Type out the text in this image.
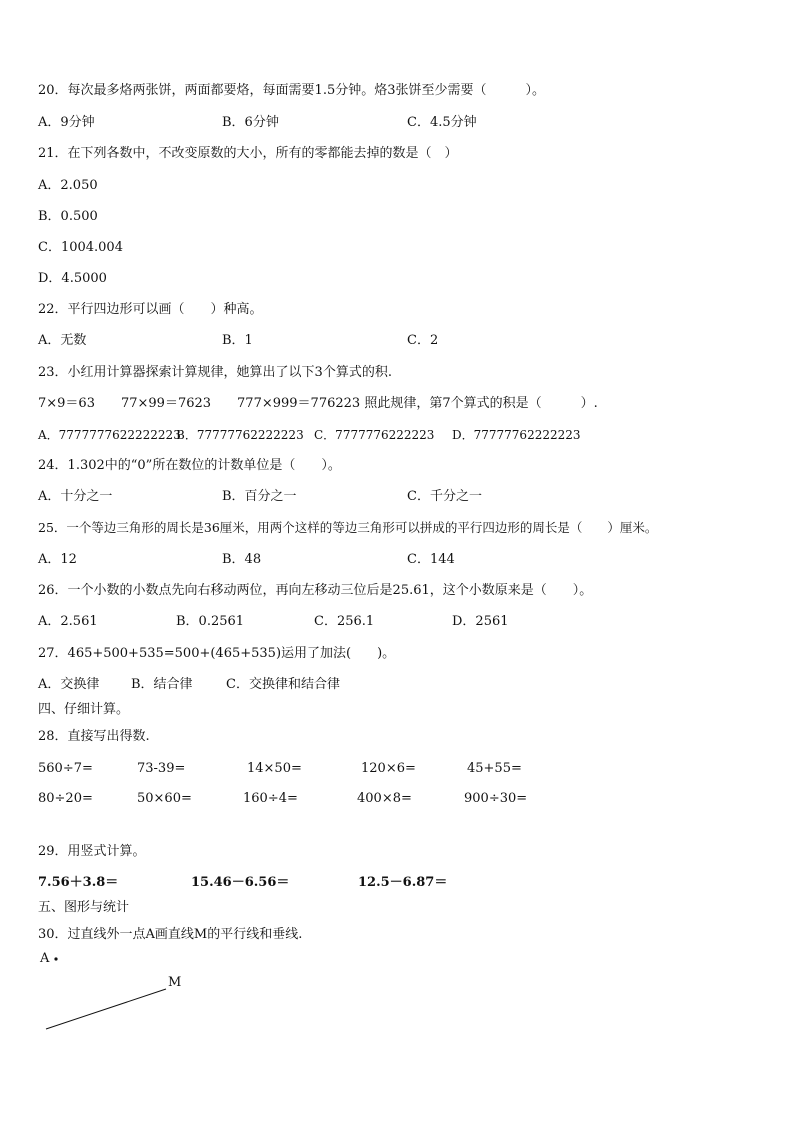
20．每次最多烙两张饼，两面都要烙，每面需要1.5分钟。烙3张饼至少需要（　　　）。
A．9分钟	B．6分钟	C．4.5分钟
21．在下列各数中，不改变原数的大小，所有的零都能去掉的数是（　）
A．2.050
B．0.500
C．1004.004
D．4.5000
22．平行四边形可以画（　　）种高。
A．无数	B．1	C．2
23．小红用计算器探索计算规律，她算出了以下3个算式的积.
7×9＝63　　77×99＝7623　　777×999＝776223 照此规律，第7个算式的积是（　　　）.
A．7777777622222223
B．77777762222223 C．7777776222223 D．77777762222223
24．1.302中的“0”所在数位的计数单位是（　　）。
A．十分之一	B．百分之一	C．千分之一
25．一个等边三角形的周长是36厘米，用两个这样的等边三角形可以拼成的平行四边形的周长是（　　）厘米。
A．12	B．48	C．144
26．一个小数的小数点先向右移动两位，再向左移动三位后是25.61，这个小数原来是（　　）。
A．2.561	B．0.2561	C．256.1	D．2561
27．465+500+535=500+(465+535)运用了加法(　　)。
A．交换律 B．结合律	C．交换律和结合律
四、仔细计算。
28．直接写出得数.
560÷7=	73-39=	14×50=	120×6=	45+55=
80÷20=	50×60=	160÷4=	400×8=	900÷30=
29．用竖式计算。
7.56＋3.8＝	15.46－6.56＝	12.5－6.87＝
五、图形与统计
30．过直线外一点A画直线M的平行线和垂线.
A
M
